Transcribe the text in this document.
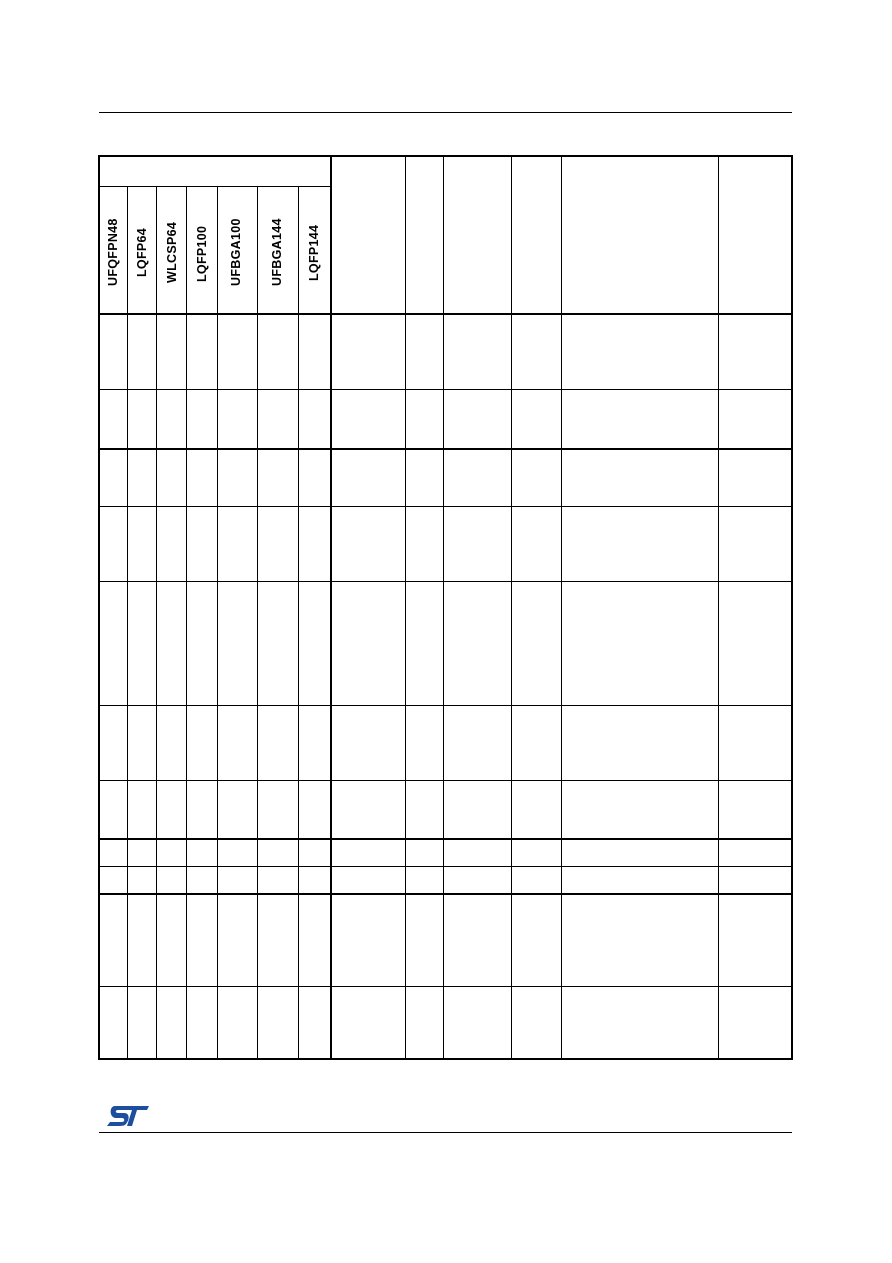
UFQFPN48 LQFP64 WLCSP64 LQFP100 UFBGA100 UFBGA144 LQFP144
